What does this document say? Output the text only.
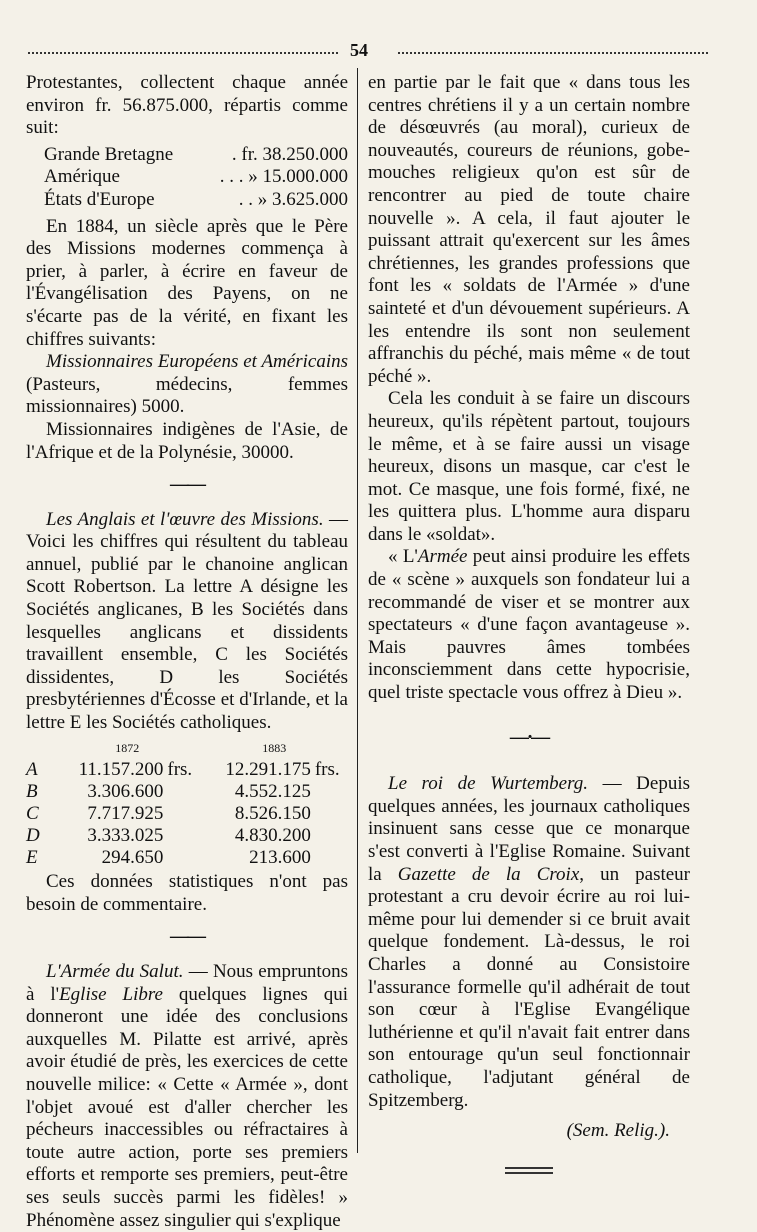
54

Protestantes, collectent chaque année environ fr. 56.875.000, répartis comme suit:

Grande Bretagne	. fr. 38.250.000
Amérique	. . . » 15.000.000
États d'Europe	. . » 3.625.000

En 1884, un siècle après que le Père des Missions modernes commença à prier, à parler, à écrire en faveur de l'Évangélisation des Payens, on ne s'écarte pas de la vérité, en fixant les chiffres suivants:

Missionnaires Européens et Américains (Pasteurs, médecins, femmes missionnaires) 5000.

Missionnaires indigènes de l'Asie, de l'Afrique et de la Polynésie, 30000.

——

Les Anglais et l'œuvre des Missions. — Voici les chiffres qui résultent du tableau annuel, publié par le chanoine anglican Scott Robertson. La lettre A désigne les Sociétés anglicanes, B les Sociétés dans lesquelles anglicans et dissidents travaillent ensemble, C les Sociétés dissidentes, D les Sociétés presbytériennes d'Écosse et d'Irlande, et la lettre E les Sociétés catholiques.

	1872		1883	
A	11.157.200	frs.	12.291.175	frs.
B	3.306.600		4.552.125	
C	7.717.925		8.526.150	
D	3.333.025		4.830.200	
E	294.650		213.600	

Ces données statistiques n'ont pas besoin de commentaire.

——

L'Armée du Salut. — Nous empruntons à l'Eglise Libre quelques lignes qui donneront une idée des conclusions auxquelles M. Pilatte est arrivé, après avoir étudié de près, les exercices de cette nouvelle milice: « Cette « Armée », dont l'objet avoué est d'aller chercher les pécheurs inaccessibles ou réfractaires à toute autre action, porte ses premiers efforts et remporte ses premiers, peut-être ses seuls succès parmi les fidèles! » Phénomène assez singulier qui s'explique

en partie par le fait que « dans tous les centres chrétiens il y a un certain nombre de désœuvrés (au moral), curieux de nouveautés, coureurs de réunions, gobe-mouches religieux qu'on est sûr de rencontrer au pied de toute chaire nouvelle ». A cela, il faut ajouter le puissant attrait qu'exercent sur les âmes chrétiennes, les grandes professions que font les « soldats de l'Armée » d'une sainteté et d'un dévouement supérieurs. A les entendre ils sont non seulement affranchis du péché, mais même « de tout péché ».

Cela les conduit à se faire un discours heureux, qu'ils répètent partout, toujours le même, et à se faire aussi un visage heureux, disons un masque, car c'est le mot. Ce masque, une fois formé, fixé, ne les quittera plus. L'homme aura disparu dans le «soldat».

« L'Armée peut ainsi produire les effets de « scène » auxquels son fondateur lui a recommandé de viser et se montrer aux spectateurs « d'une façon avantageuse ». Mais pauvres âmes tombées inconsciemment dans cette hypocrisie, quel triste spectacle vous offrez à Dieu ».

—·—

Le roi de Wurtemberg. — Depuis quelques années, les journaux catholiques insinuent sans cesse que ce monarque s'est converti à l'Eglise Romaine. Suivant la Gazette de la Croix, un pasteur protestant a cru devoir écrire au roi lui-même pour lui demender si ce bruit avait quelque fondement. Là-dessus, le roi Charles a donné au Consistoire l'assurance formelle qu'il adhérait de tout son cœur à l'Eglise Evangélique luthérienne et qu'il n'avait fait entrer dans son entourage qu'un seul fonctionnair catholique, l'adjutant général de Spitzemberg.

(Sem. Relig.).
